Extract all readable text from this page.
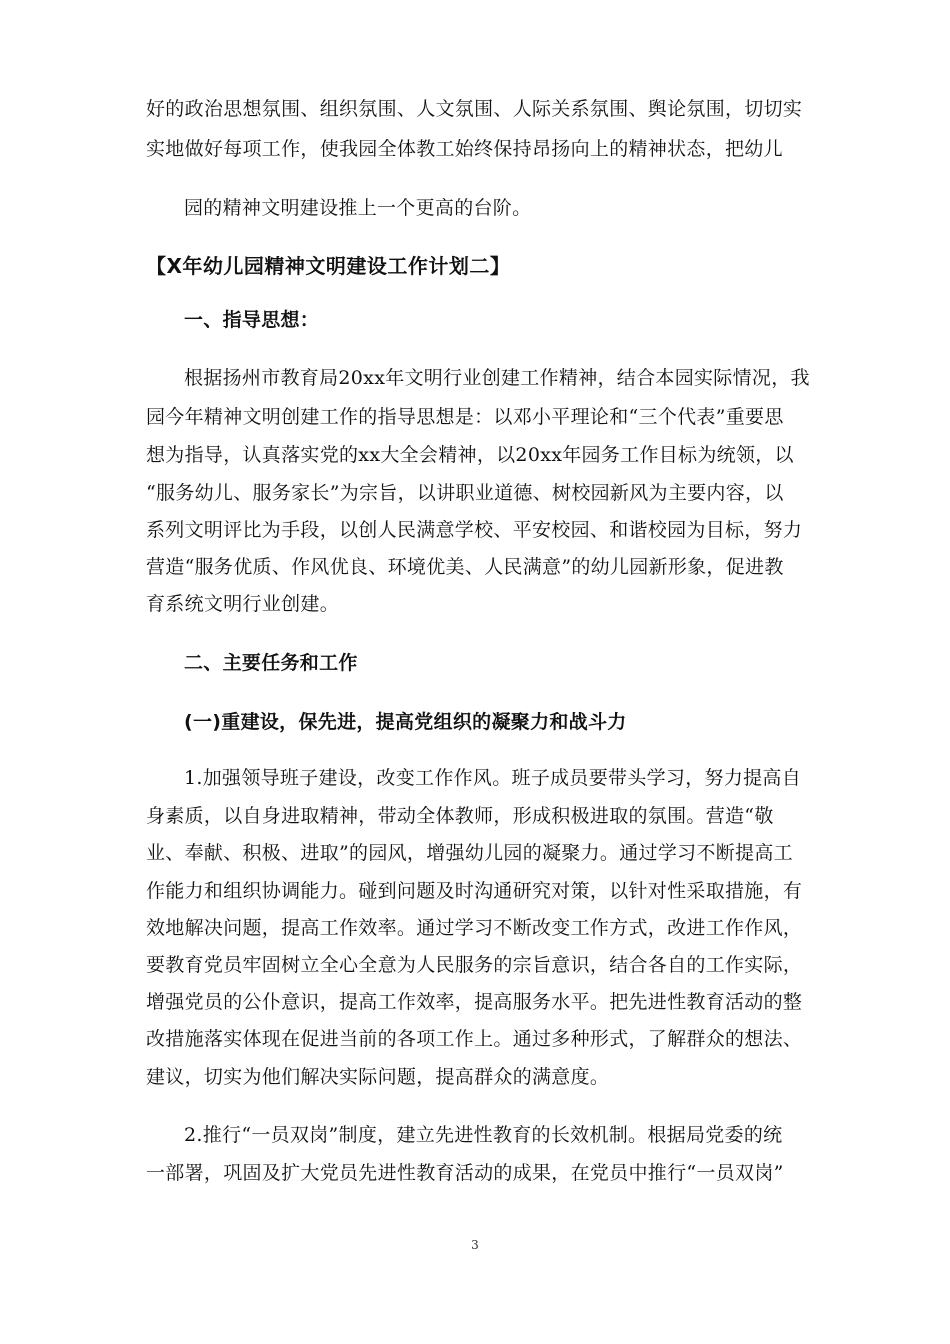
好的政治思想氛围、组织氛围、人文氛围、人际关系氛围、舆论氛围，切切实
实地做好每项工作，使我园全体教工始终保持昂扬向上的精神状态，把幼儿
园的精神文明建设推上一个更高的台阶。
【X年幼儿园精神文明建设工作计划二】
一、指导思想：
根据扬州市教育局20xx年文明行业创建工作精神，结合本园实际情况，我
园今年精神文明创建工作的指导思想是：以邓小平理论和“三个代表”重要思
想为指导，认真落实党的xx大全会精神，以20xx年园务工作目标为统领，以
“服务幼儿、服务家长”为宗旨，以讲职业道德、树校园新风为主要内容，以
系列文明评比为手段，以创人民满意学校、平安校园、和谐校园为目标，努力
营造“服务优质、作风优良、环境优美、人民满意”的幼儿园新形象，促进教
育系统文明行业创建。
二、主要任务和工作
(一)重建设，保先进，提高党组织的凝聚力和战斗力
1.加强领导班子建设，改变工作作风。班子成员要带头学习，努力提高自
身素质，以自身进取精神，带动全体教师，形成积极进取的氛围。营造“敬
业、奉献、积极、进取”的园风，增强幼儿园的凝聚力。通过学习不断提高工
作能力和组织协调能力。碰到问题及时沟通研究对策，以针对性采取措施，有
效地解决问题，提高工作效率。通过学习不断改变工作方式，改进工作作风，
要教育党员牢固树立全心全意为人民服务的宗旨意识，结合各自的工作实际，
增强党员的公仆意识，提高工作效率，提高服务水平。把先进性教育活动的整
改措施落实体现在促进当前的各项工作上。通过多种形式，了解群众的想法、
建议，切实为他们解决实际问题，提高群众的满意度。
2.推行“一员双岗”制度，建立先进性教育的长效机制。根据局党委的统
一部署，巩固及扩大党员先进性教育活动的成果，在党员中推行“一员双岗”
3
